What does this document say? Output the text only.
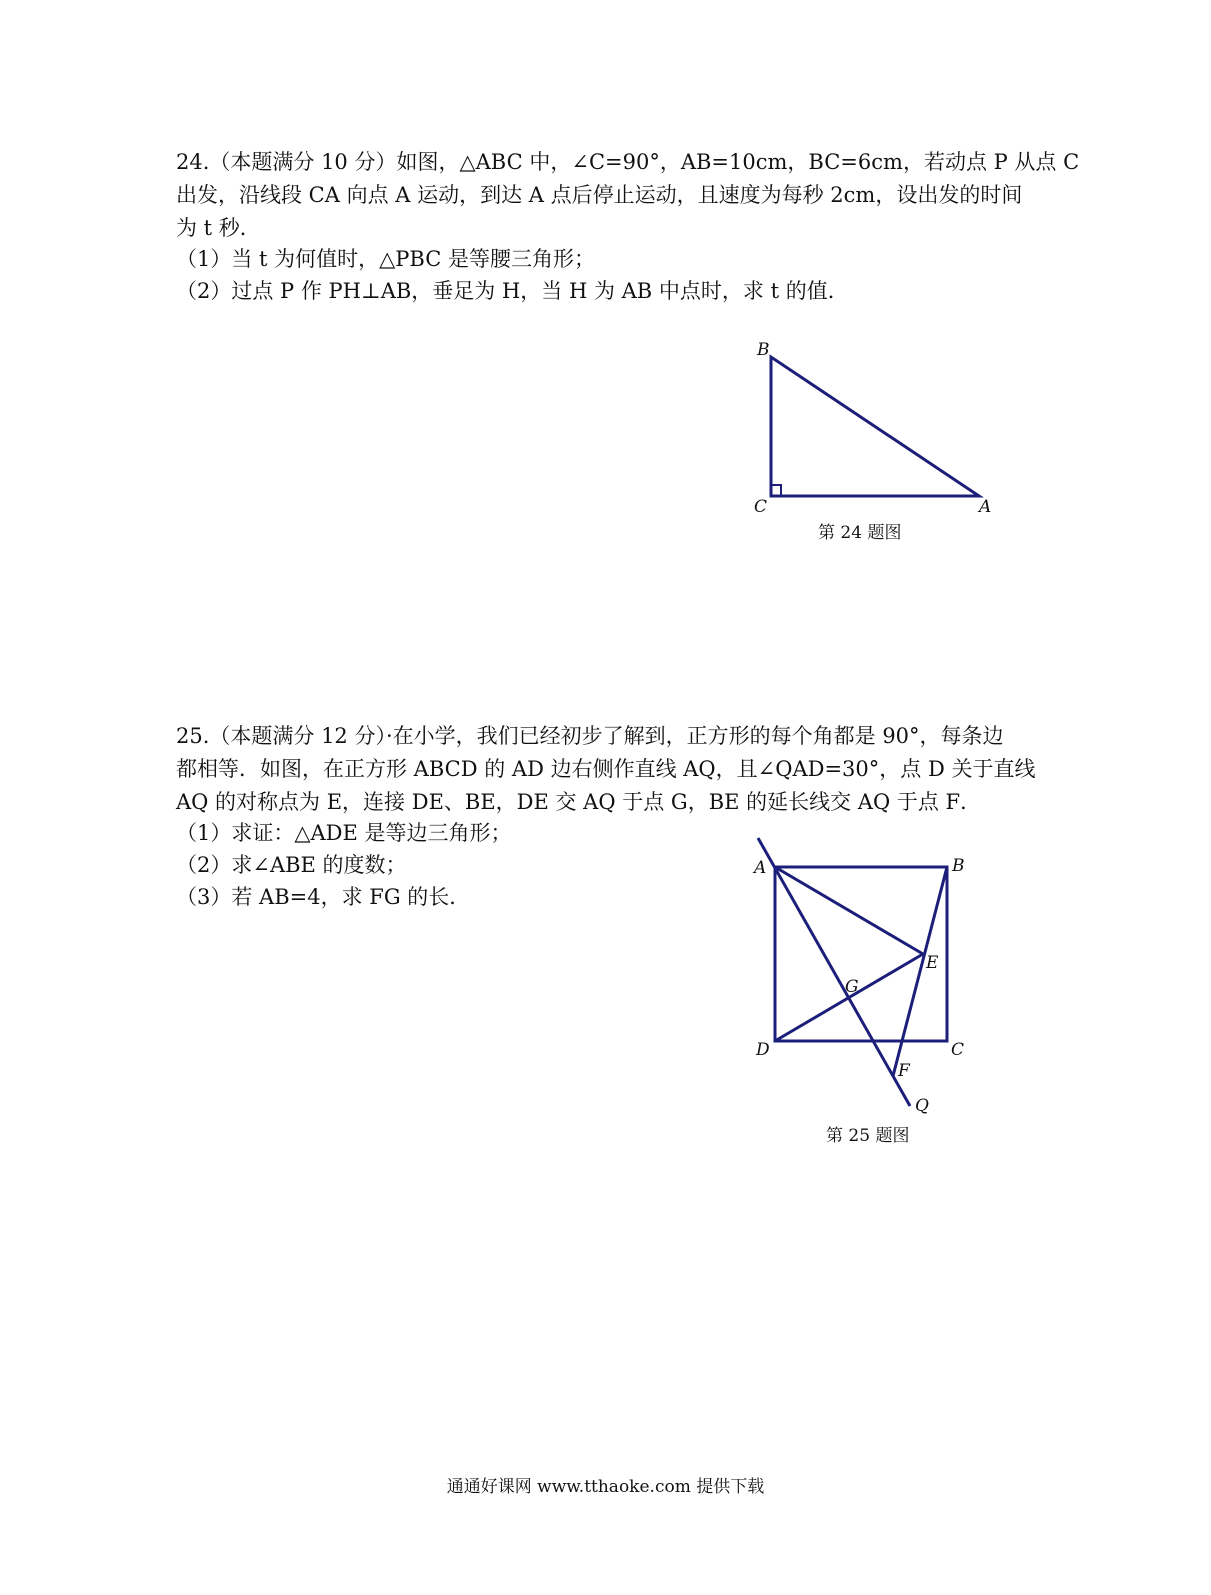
24.（本题满分 10 分）如图，△ABC 中，∠C=90°，AB=10cm，BC=6cm，若动点 P 从点 C
出发，沿线段 CA 向点 A 运动，到达 A 点后停止运动，且速度为每秒 2cm，设出发的时间
为 t 秒．

（1）当 t 为何值时，△PBC 是等腰三角形；

（2）过点 P 作 PH⊥AB，垂足为 H，当 H 为 AB 中点时，求 t 的值．

B
C	A
第 24 题图
25.（本题满分 12 分）·在小学，我们已经初步了解到，正方形的每个角都是 90°，每条边
都相等．如图，在正方形 ABCD 的 AD 边右侧作直线 AQ，且∠QAD=30°，点 D 关于直线
AQ 的对称点为 E，连接 DE、BE，DE 交 AQ 于点 G，BE 的延长线交 AQ 于点 F．

（1）求证：△ADE 是等边三角形；

（2）求∠ABE 的度数；

（3）若 AB=4，求 FG 的长．

A	B
C
D
E
F
G
Q
第 25 题图
通通好课网 www.tthaoke.com 提供下载
